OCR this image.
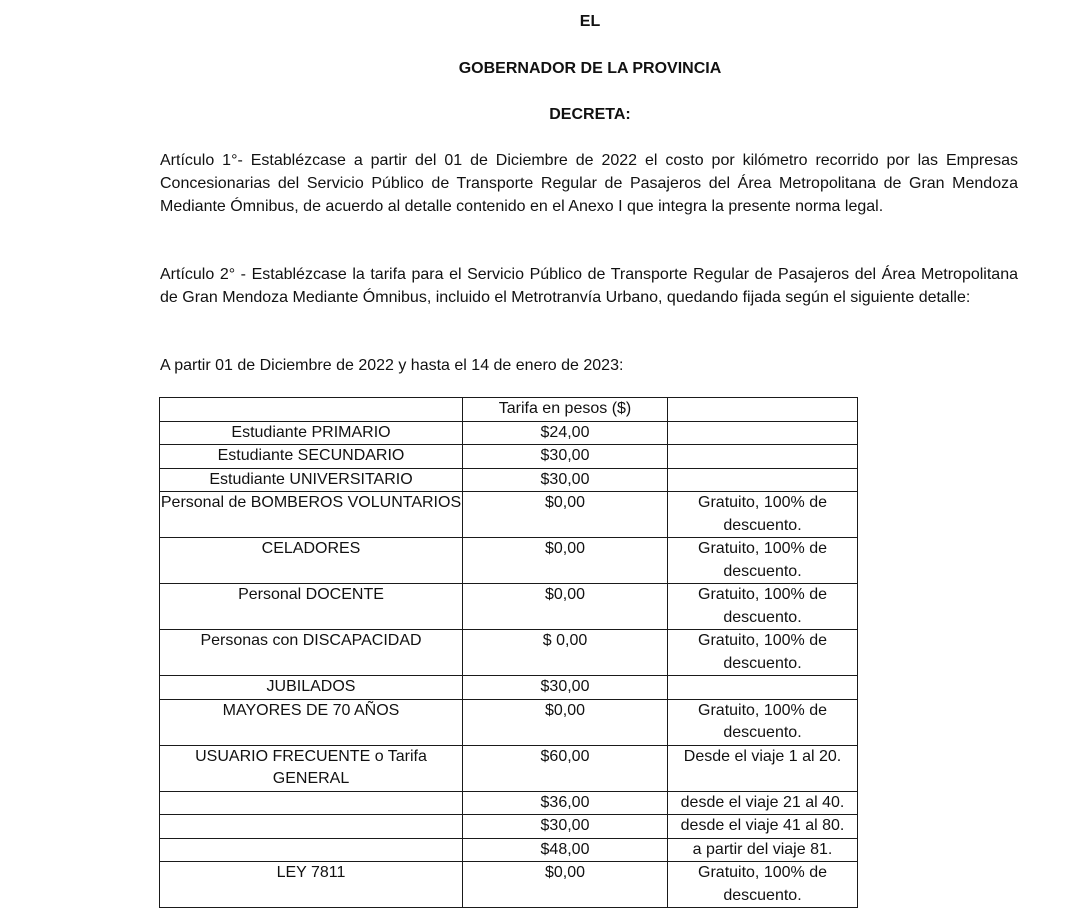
EL
GOBERNADOR DE LA PROVINCIA
DECRETA:

Artículo 1°- Establézcase a partir del 01 de Diciembre de 2022 el costo por kilómetro recorrido por las Empresas Concesionarias del Servicio Público de Transporte Regular de Pasajeros del Área Metropolitana de Gran Mendoza Mediante Ómnibus, de acuerdo al detalle contenido en el Anexo I que integra la presente norma legal.

Artículo 2° - Establézcase la tarifa para el Servicio Público de Transporte Regular de Pasajeros del Área Metropolitana de Gran Mendoza Mediante Ómnibus, incluido el Metrotranvía Urbano, quedando fijada según el siguiente detalle:

A partir 01 de Diciembre de 2022 y hasta el 14 de enero de 2023:

	Tarifa en pesos ($)	
Estudiante PRIMARIO	$24,00	
Estudiante SECUNDARIO	$30,00	
Estudiante UNIVERSITARIO	$30,00	
Personal de BOMBEROS VOLUNTARIOS	$0,00	Gratuito, 100% de descuento.
CELADORES	$0,00	Gratuito, 100% de descuento.
Personal DOCENTE	$0,00	Gratuito, 100% de descuento.
Personas con DISCAPACIDAD	$ 0,00	Gratuito, 100% de descuento.
JUBILADOS	$30,00	
MAYORES DE 70 AÑOS	$0,00	Gratuito, 100% de descuento.
USUARIO FRECUENTE o Tarifa GENERAL	$60,00	Desde el viaje 1 al 20.
	$36,00	desde el viaje 21 al 40.
	$30,00	desde el viaje 41 al 80.
	$48,00	a partir del viaje 81.
LEY 7811	$0,00	Gratuito, 100% de descuento.
